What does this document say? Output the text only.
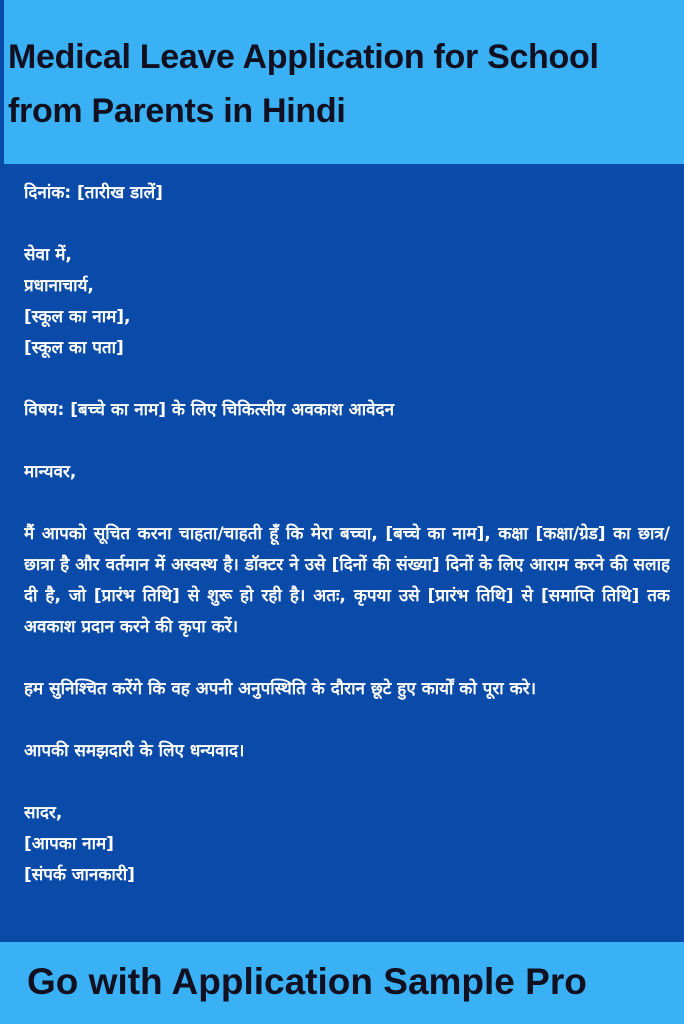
Medical Leave Application for School from Parents in Hindi

दिनांक: [तारीख डालें]

सेवा में,

प्रधानाचार्य,

[स्कूल का नाम],

[स्कूल का पता]

विषय: [बच्चे का नाम] के लिए चिकित्सीय अवकाश आवेदन

मान्यवर,

मैं आपको सूचित करना चाहता/चाहती हूँ कि मेरा बच्चा, [बच्चे का नाम], कक्षा [कक्षा/ग्रेड] का छात्र/छात्रा है और वर्तमान में अस्वस्थ है। डॉक्टर ने उसे [दिनों की संख्या] दिनों के लिए आराम करने की सलाह दी है, जो [प्रारंभ तिथि] से शुरू हो रही है। अतः, कृपया उसे [प्रारंभ तिथि] से [समाप्ति तिथि] तक अवकाश प्रदान करने की कृपा करें।

हम सुनिश्चित करेंगे कि वह अपनी अनुपस्थिति के दौरान छूटे हुए कार्यों को पूरा करे।

आपकी समझदारी के लिए धन्यवाद।

सादर,

[आपका नाम]

[संपर्क जानकारी]

Go with Application Sample Pro
